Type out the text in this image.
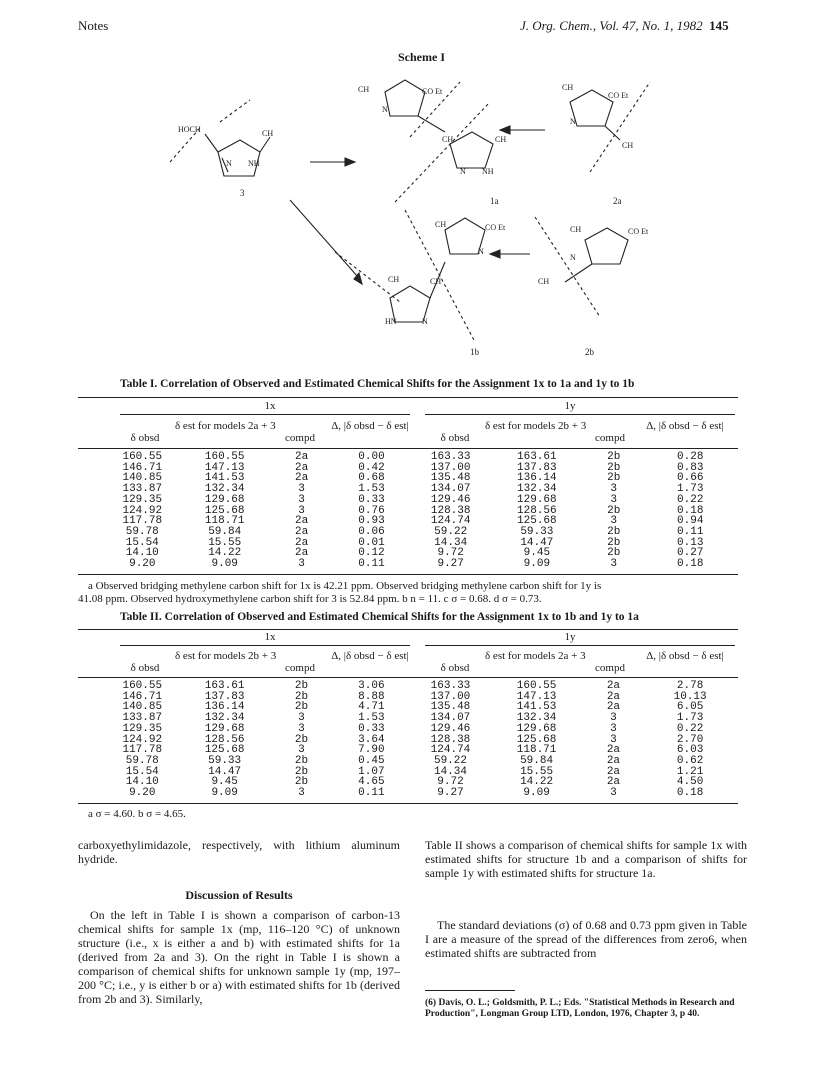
Notes	J. Org. Chem., Vol. 47, No. 1, 1982 145
Scheme I
HOCH	CH
N NH
CH	CO Et
N
CH	CH
N NH
CH
CO Et
N
CH
CH	CO Et
N
CH	CH
HN	N
CH	CO Et
N
CH
3
1a	2a
1b	2b
Table I. Correlation of Observed and Estimated Chemical Shifts for the Assignment 1x to 1a and 1y to 1b
1x	1y
δ obsd
δ est for models 2a + 3
compd
Δ, |δ obsd − δ est|
δ obsd
δ est for models 2b + 3
compd
Δ, |δ obsd − δ est|
160.55	160.55	2a	0.00	163.33	163.61	2b	0.28
146.71	147.13	2a	0.42	137.00	137.83	2b	0.83
140.85	141.53	2a	0.68	135.48	136.14	2b	0.66
133.87	132.34	3	1.53	134.07	132.34	3	1.73
129.35	129.68	3	0.33	129.46	129.68	3	0.22
124.92	125.68	3	0.76	128.38	128.56	2b	0.18
117.78	118.71	2a	0.93	124.74	125.68	3	0.94
59.78	59.84	2a	0.06	59.22	59.33	2b	0.11
15.54	15.55	2a	0.01	14.34	14.47	2b	0.13
14.10	14.22	2a	0.12	9.72	9.45	2b	0.27
9.20	9.09	3	0.11	9.27	9.09	3	0.18
a Observed bridging methylene carbon shift for 1x is 42.21 ppm. Observed bridging methylene carbon shift for 1y is
41.08 ppm. Observed hydroxymethylene carbon shift for 3 is 52.84 ppm. b n = 11. c σ = 0.68. d σ = 0.73.
Table II. Correlation of Observed and Estimated Chemical Shifts for the Assignment 1x to 1b and 1y to 1a
1x	1y
δ obsd
δ est for models 2b + 3
compd
Δ, |δ obsd − δ est|
δ obsd
δ est for models 2a + 3
compd
Δ, |δ obsd − δ est|
160.55	163.61	2b	3.06	163.33	160.55	2a	2.78
146.71	137.83	2b	8.88	137.00	147.13	2a	10.13
140.85	136.14	2b	4.71	135.48	141.53	2a	6.05
133.87	132.34	3	1.53	134.07	132.34	3	1.73
129.35	129.68	3	0.33	129.46	129.68	3	0.22
124.92	128.56	2b	3.64	128.38	125.68	3	2.70
117.78	125.68	3	7.90	124.74	118.71	2a	6.03
59.78	59.33	2b	0.45	59.22	59.84	2a	0.62
15.54	14.47	2b	1.07	14.34	15.55	2a	1.21
14.10	9.45	2b	4.65	9.72	14.22	2a	4.50
9.20	9.09	3	0.11	9.27	9.09	3	0.18
a σ = 4.60. b σ = 4.65.
carboxyethylimidazole, respectively, with lithium aluminum hydride.
Discussion of Results
On the left in Table I is shown a comparison of carbon-13 chemical shifts for sample 1x (mp, 116–120 °C) of unknown structure (i.e., x is either a and b) with estimated shifts for 1a (derived from 2a and 3). On the right in Table I is shown a comparison of chemical shifts for unknown sample 1y (mp, 197–200 °C; i.e., y is either b or a) with estimated shifts for 1b (derived from 2b and 3). Similarly,
Table II shows a comparison of chemical shifts for sample 1x with estimated shifts for structure 1b and a comparison of shifts for sample 1y with estimated shifts for structure 1a.
The standard deviations (σ) of 0.68 and 0.73 ppm given in Table I are a measure of the spread of the differences from zero6, when estimated shifts are subtracted from
(6) Davis, O. L.; Goldsmith, P. L.; Eds. "Statistical Methods in Research and Production", Longman Group LTD, London, 1976, Chapter 3, p 40.
